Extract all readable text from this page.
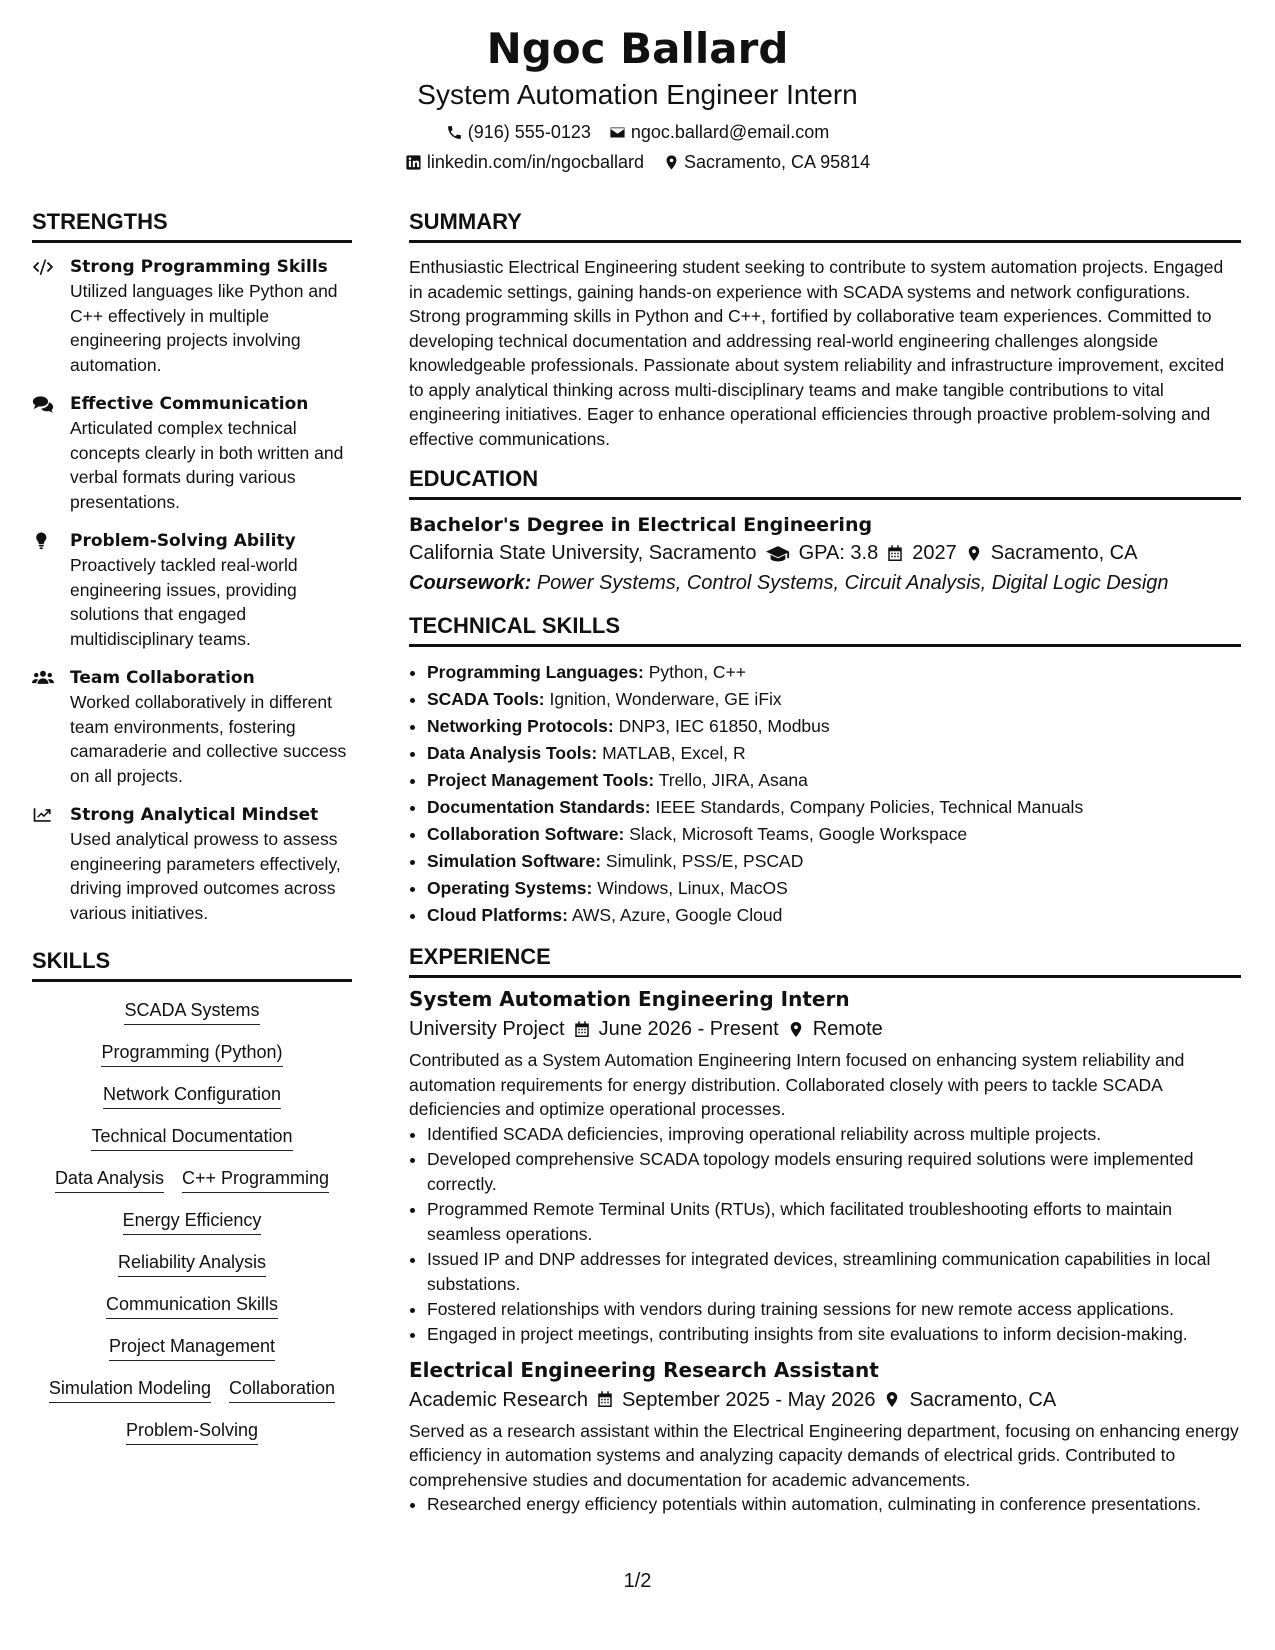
Ngoc Ballard
System Automation Engineer Intern
(916) 555-0123 ngoc.ballard@email.com
linkedin.com/in/ngocballard Sacramento, CA 95814
STRENGTHS
Strong Programming Skills
Utilized languages like Python and C++ effectively in multiple engineering projects involving automation.
Effective Communication
Articulated complex technical concepts clearly in both written and verbal formats during various presentations.
Problem-Solving Ability
Proactively tackled real-world engineering issues, providing solutions that engaged multidisciplinary teams.
Team Collaboration
Worked collaboratively in different team environments, fostering camaraderie and collective success on all projects.
Strong Analytical Mindset
Used analytical prowess to assess engineering parameters effectively, driving improved outcomes across various initiatives.
SKILLS
SCADA Systems
Programming (Python)
Network Configuration
Technical Documentation
Data Analysis C++ Programming
Energy Efficiency
Reliability Analysis
Communication Skills
Project Management
Simulation Modeling Collaboration
Problem-Solving
SUMMARY
Enthusiastic Electrical Engineering student seeking to contribute to system automation projects. Engaged in academic settings, gaining hands-on experience with SCADA systems and network configurations. Strong programming skills in Python and C++, fortified by collaborative team experiences. Committed to developing technical documentation and addressing real-world engineering challenges alongside knowledgeable professionals. Passionate about system reliability and infrastructure improvement, excited to apply analytical thinking across multi-disciplinary teams and make tangible contributions to vital engineering initiatives. Eager to enhance operational efficiencies through proactive problem-solving and effective communications.
EDUCATION
Bachelor's Degree in Electrical Engineering
California State University, Sacramento GPA: 3.8 2027 Sacramento, CA
Coursework: Power Systems, Control Systems, Circuit Analysis, Digital Logic Design
TECHNICAL SKILLS
• Programming Languages: Python, C++
• SCADA Tools: Ignition, Wonderware, GE iFix
• Networking Protocols: DNP3, IEC 61850, Modbus
• Data Analysis Tools: MATLAB, Excel, R
• Project Management Tools: Trello, JIRA, Asana
• Documentation Standards: IEEE Standards, Company Policies, Technical Manuals
• Collaboration Software: Slack, Microsoft Teams, Google Workspace
• Simulation Software: Simulink, PSS/E, PSCAD
• Operating Systems: Windows, Linux, MacOS
• Cloud Platforms: AWS, Azure, Google Cloud
EXPERIENCE
System Automation Engineering Intern
University Project June 2026 - Present Remote
Contributed as a System Automation Engineering Intern focused on enhancing system reliability and automation requirements for energy distribution. Collaborated closely with peers to tackle SCADA deficiencies and optimize operational processes.
• Identified SCADA deficiencies, improving operational reliability across multiple projects.
• Developed comprehensive SCADA topology models ensuring required solutions were implemented correctly.
• Programmed Remote Terminal Units (RTUs), which facilitated troubleshooting efforts to maintain seamless operations.
• Issued IP and DNP addresses for integrated devices, streamlining communication capabilities in local substations.
• Fostered relationships with vendors during training sessions for new remote access applications.
• Engaged in project meetings, contributing insights from site evaluations to inform decision-making.
Electrical Engineering Research Assistant
Academic Research September 2025 - May 2026 Sacramento, CA
Served as a research assistant within the Electrical Engineering department, focusing on enhancing energy efficiency in automation systems and analyzing capacity demands of electrical grids. Contributed to comprehensive studies and documentation for academic advancements.
• Researched energy efficiency potentials within automation, culminating in conference presentations.
1/2
